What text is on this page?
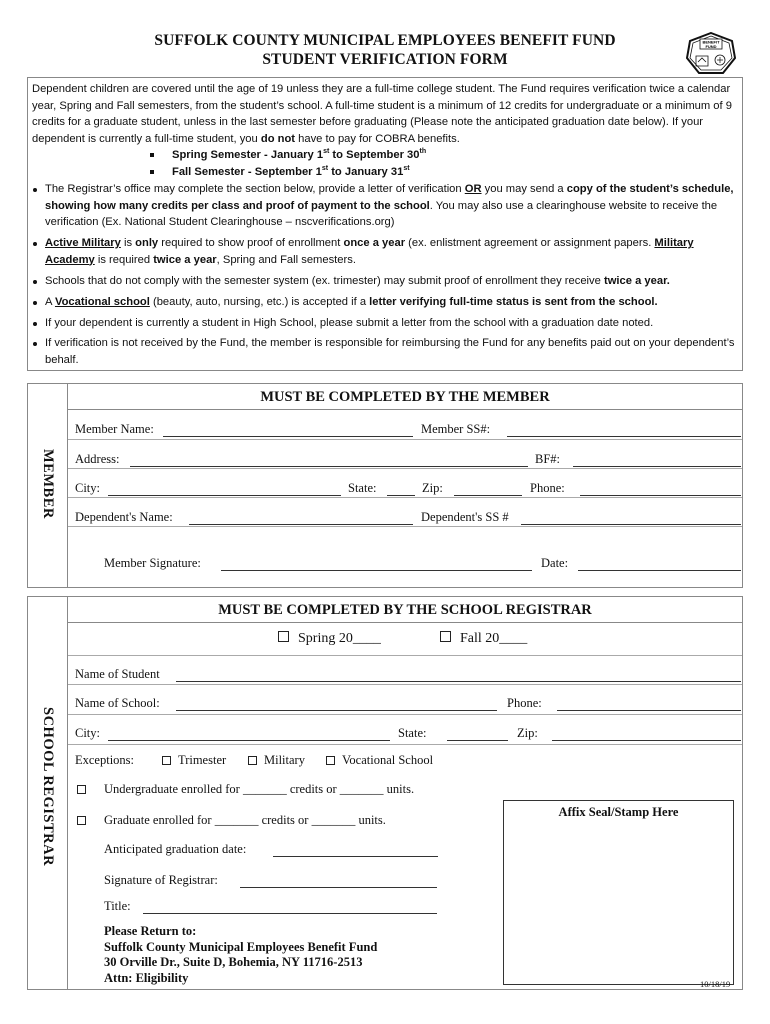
SUFFOLK COUNTY MUNICIPAL EMPLOYEES BENEFIT FUND
STUDENT VERIFICATION FORM
BENEFIT
FUND
Dependent children are covered until the age of 19 unless they are a full-time college student. The Fund requires verification twice a calendar year, Spring and Fall semesters, from the student’s school. A full-time student is a minimum of 12 credits for undergraduate or a minimum of 9 credits for a graduate student, unless in the last semester before graduating (Please note the anticipated graduation date below). If your dependent is currently a full-time student, you do not have to pay for COBRA benefits.
Spring Semester - January 1st to September 30th
Fall Semester - September 1st to January 31st
The Registrar’s office may complete the section below, provide a letter of verification OR you may send a copy of the student’s schedule, showing how many credits per class and proof of payment to the school. You may also use a clearinghouse website to receive the verification (Ex. National Student Clearinghouse – nscverifications.org)
Active Military is only required to show proof of enrollment once a year (ex. enlistment agreement or assignment papers. Military Academy is required twice a year, Spring and Fall semesters.
Schools that do not comply with the semester system (ex. trimester) may submit proof of enrollment they receive twice a year.
A Vocational school (beauty, auto, nursing, etc.) is accepted if a letter verifying full-time status is sent from the school.
If your dependent is currently a student in High School, please submit a letter from the school with a graduation date noted.
If verification is not received by the Fund, the member is responsible for reimbursing the Fund for any benefits paid out on your dependent’s behalf.
MEMBER
MUST BE COMPLETED BY THE MEMBER
Member Name:	Member SS#:
Address:	BF#:
City:	State:	Zip:	Phone:
Dependent's Name:	Dependent's SS #
Member Signature:	Date:
SCHOOL REGISTRAR
MUST BE COMPLETED BY THE SCHOOL REGISTRAR
Spring 20____	Fall 20____
Name of Student
Name of School:	Phone:
City:	State:	Zip:
Exceptions:	Trimester	Military	Vocational School
Undergraduate enrolled for _______ credits or _______ units.
Graduate enrolled for _______ credits or _______ units.
Anticipated graduation date:
Signature of Registrar:
Title:
Affix Seal/Stamp Here
Please Return to:
Suffolk County Municipal Employees Benefit Fund
30 Orville Dr., Suite D, Bohemia, NY 11716-2513
Attn: Eligibility	10/18/19
